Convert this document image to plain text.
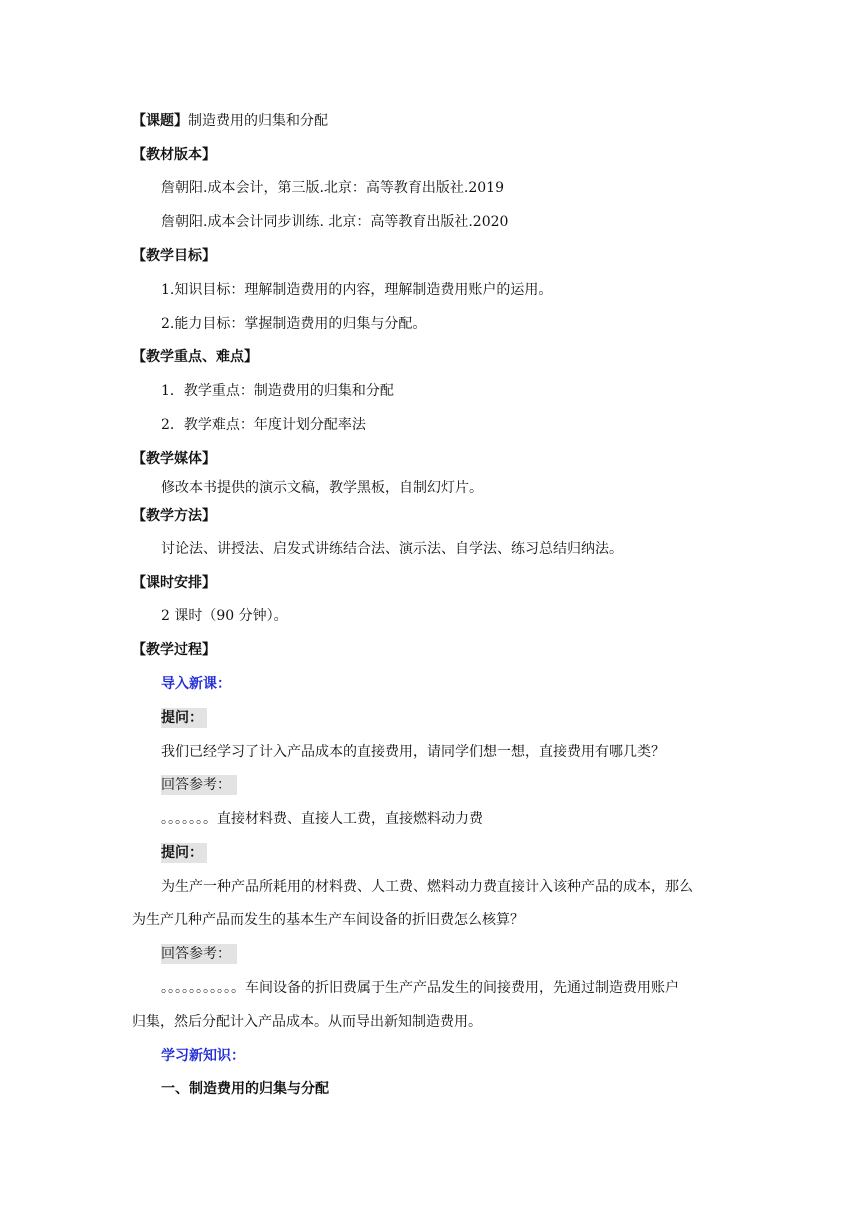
【课题】制造费用的归集和分配
【教材版本】
詹朝阳.成本会计，第三版.北京：高等教育出版社.2019
詹朝阳.成本会计同步训练. 北京：高等教育出版社.2020
【教学目标】
1.知识目标：理解制造费用的内容，理解制造费用账户的运用。
2.能力目标：掌握制造费用的归集与分配。
【教学重点、难点】
1．教学重点：制造费用的归集和分配
2．教学难点：年度计划分配率法
【教学媒体】
修改本书提供的演示文稿，教学黑板，自制幻灯片。
【教学方法】
讨论法、讲授法、启发式讲练结合法、演示法、自学法、练习总结归纳法。
【课时安排】
2 课时（90 分钟）。
【教学过程】
导入新课：
提问：
我们已经学习了计入产品成本的直接费用，请同学们想一想，直接费用有哪几类？
回答参考：
。。。。。。。直接材料费、直接人工费，直接燃料动力费
提问：
为生产一种产品所耗用的材料费、人工费、燃料动力费直接计入该种产品的成本，那么
为生产几种产品而发生的基本生产车间设备的折旧费怎么核算？
回答参考：
。。。。。。。。。。。车间设备的折旧费属于生产产品发生的间接费用，先通过制造费用账户
归集，然后分配计入产品成本。从而导出新知制造费用。
学习新知识：
一、制造费用的归集与分配
